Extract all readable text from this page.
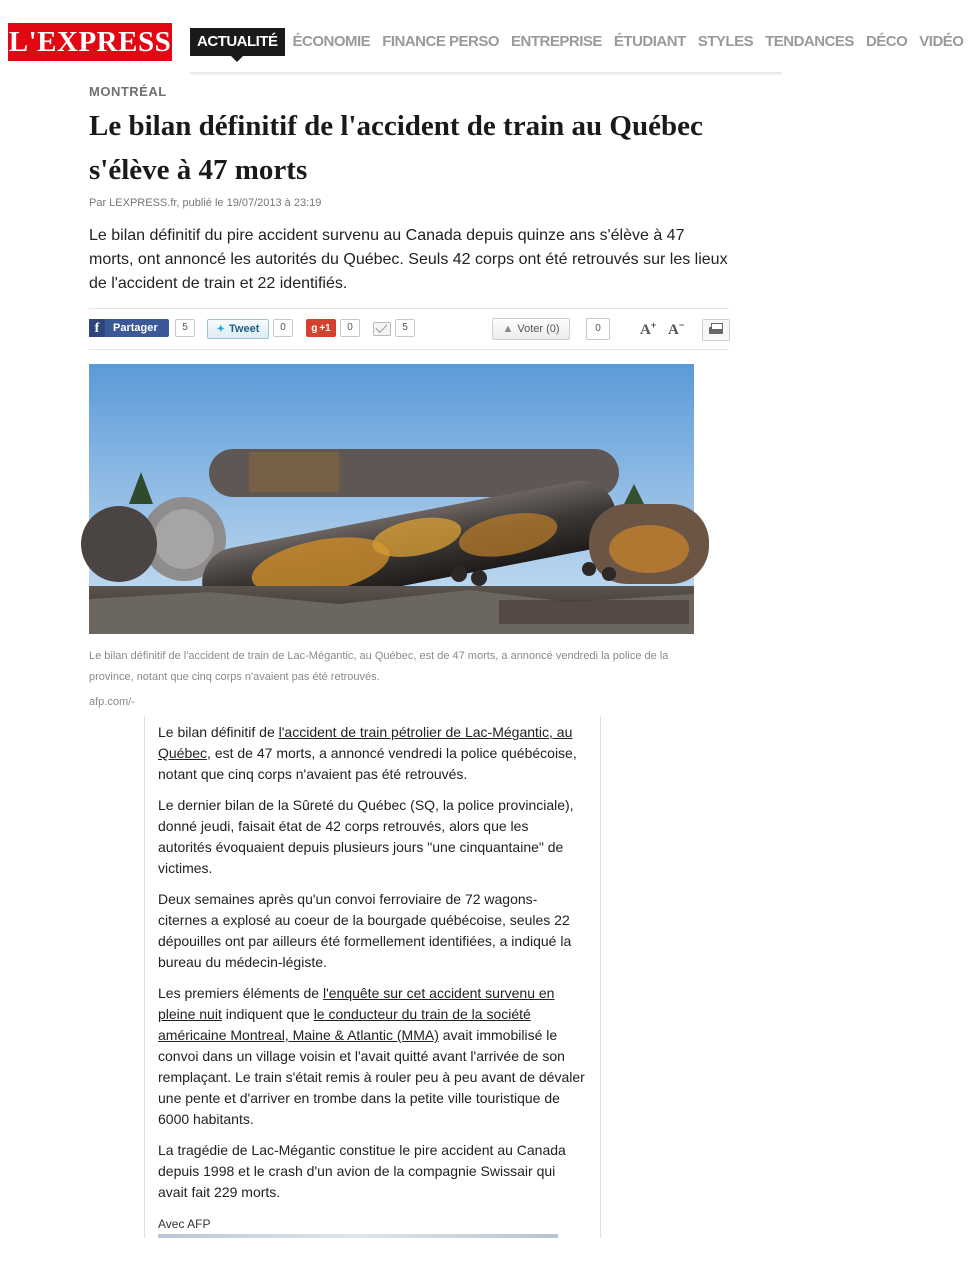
L'EXPRESS	ACTUALITÉ	ÉCONOMIE FINANCE PERSO ENTREPRISE ÉTUDIANT STYLES TENDANCES DÉCO VIDÉO
MONTRÉAL
Le bilan définitif de l'accident de train au Québec s'élève à 47 morts
Par LEXPRESS.fr, publié le 19/07/2013 à 23:19

Le bilan définitif du pire accident survenu au Canada depuis quinze ans s'élève à 47 morts, ont annoncé les autorités du Québec. Seuls 42 corps ont été retrouvés sur les lieux de l'accident de train et 22 identifiés.

f	Partager	5	✦ Tweet	0	g +1	0	5	▲ Voter (0)	0	A+ A−

Le bilan définitif de l'accident de train de Lac-Mégantic, au Québec, est de 47 morts, a annoncé vendredi la police de la province, notant que cinq corps n'avaient pas été retrouvés.

afp.com/-

Le bilan définitif de l'accident de train pétrolier de Lac-Mégantic, au Québec, est de 47 morts, a annoncé vendredi la police québécoise, notant que cinq corps n'avaient pas été retrouvés.

Le dernier bilan de la Sûreté du Québec (SQ, la police provinciale), donné jeudi, faisait état de 42 corps retrouvés, alors que les autorités évoquaient depuis plusieurs jours "une cinquantaine" de victimes.

Deux semaines après qu'un convoi ferroviaire de 72 wagons-citernes a explosé au coeur de la bourgade québécoise, seules 22 dépouilles ont par ailleurs été formellement identifiées, a indiqué la bureau du médecin-légiste.

Les premiers éléments de l'enquête sur cet accident survenu en pleine nuit indiquent que le conducteur du train de la société américaine Montreal, Maine & Atlantic (MMA) avait immobilisé le convoi dans un village voisin et l'avait quitté avant l'arrivée de son remplaçant. Le train s'était remis à rouler peu à peu avant de dévaler une pente et d'arriver en trombe dans la petite ville touristique de 6000 habitants.

La tragédie de Lac-Mégantic constitue le pire accident au Canada depuis 1998 et le crash d'un avion de la compagnie Swissair qui avait fait 229 morts.

Avec AFP
